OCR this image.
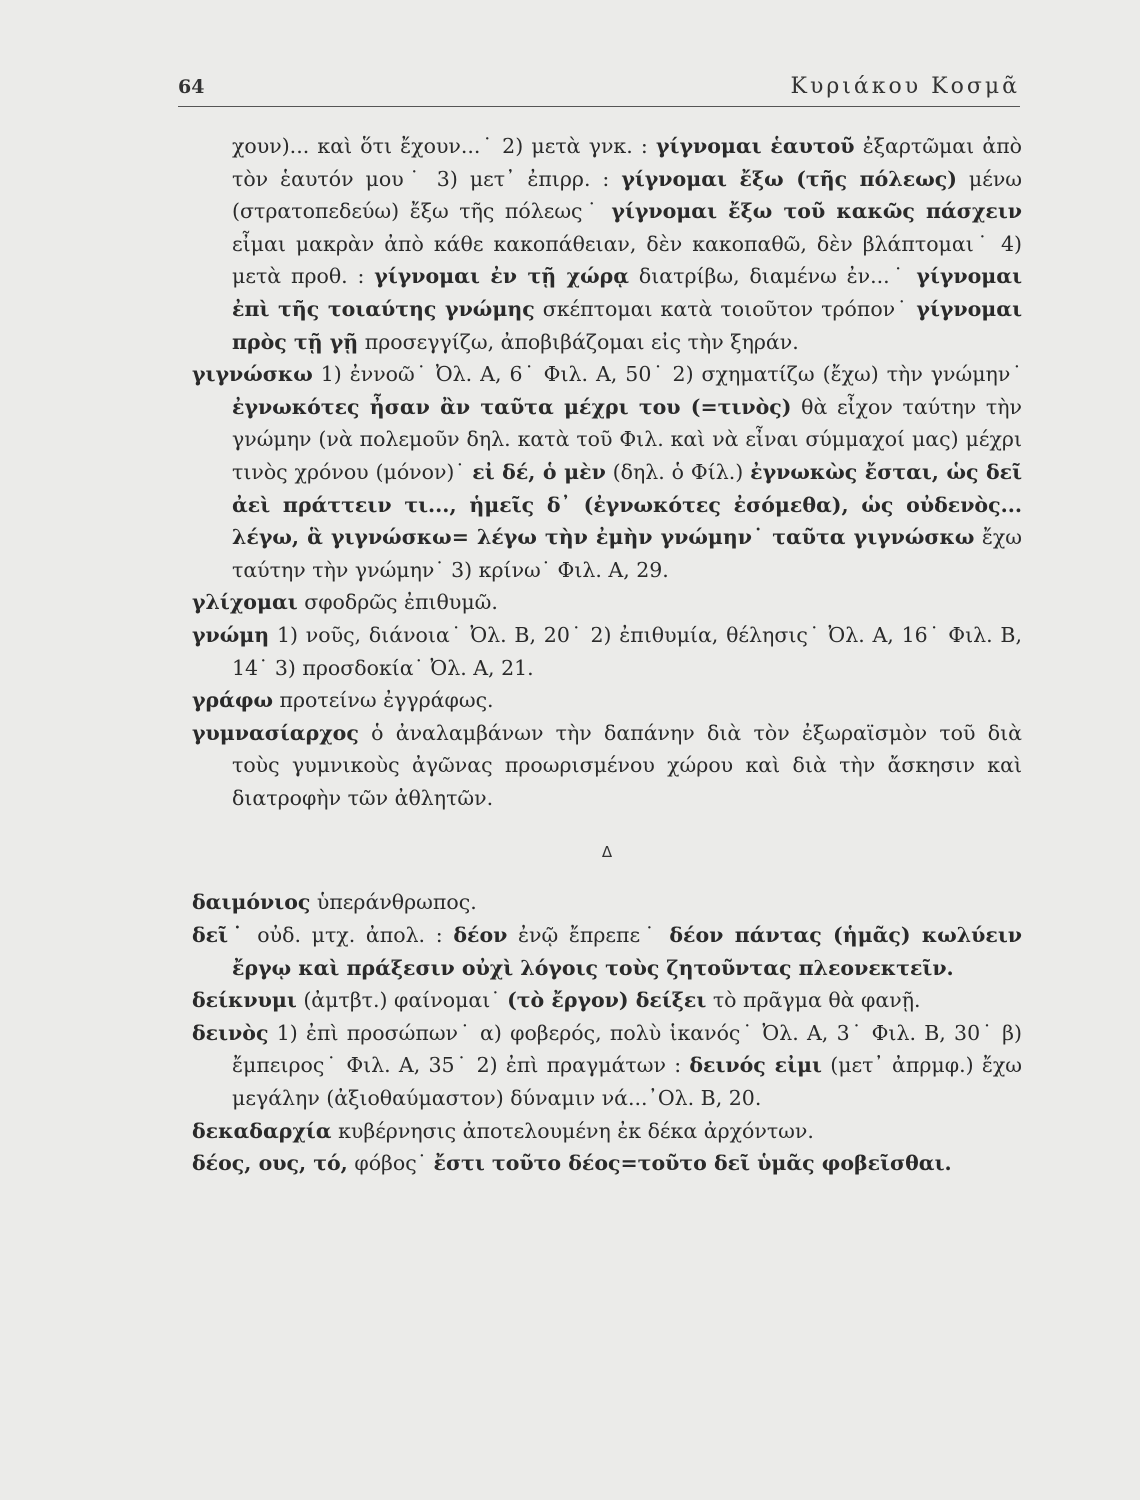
64	Κυριάκου Κοσμᾶ

χουν)... καὶ ὅτι ἔχουν...˙ 2) μετὰ γνκ. : γίγνομαι ἑαυτοῦ ἐξαρτῶμαι ἀπὸ τὸν ἑαυτόν μου˙ 3) μετ᾽ ἐπιρρ. : γίγνομαι ἔξω (τῆς πόλεως) μένω (στρατοπεδεύω) ἔξω τῆς πόλεως˙ γίγνομαι ἔξω τοῦ κακῶς πάσχειν εἶμαι μακρὰν ἀπὸ κάθε κακοπάθειαν, δὲν κακοπαθῶ, δὲν βλάπτομαι˙ 4) μετὰ προθ. : γίγνομαι ἐν τῇ χώρᾳ διατρίβω, διαμένω ἐν...˙ γίγνομαι ἐπὶ τῆς τοιαύτης γνώμης σκέπτομαι κατὰ τοιοῦτον τρόπον˙ γίγνομαι πρὸς τῇ γῇ προσεγγίζω, ἀποβιβάζομαι εἰς τὴν ξηράν.

γιγνώσκω 1) ἐννοῶ˙ Ὀλ. Α, 6˙ Φιλ. Α, 50˙ 2) σχηματίζω (ἔχω) τὴν γνώμην˙ ἐγνωκότες ἦσαν ἂν ταῦτα μέχρι του (=τινὸς) θὰ εἶχον ταύτην τὴν γνώμην (νὰ πολεμοῦν δηλ. κατὰ τοῦ Φιλ. καὶ νὰ εἶναι σύμμαχοί μας) μέχρι τινὸς χρόνου (μόνον)˙ εἰ δέ, ὁ μὲν (δηλ. ὁ Φίλ.) ἐγνωκὼς ἔσται, ὡς δεῖ ἀεὶ πράττειν τι..., ἡμεῖς δ᾽ (ἐγνωκότες ἐσόμεθα), ὡς οὐδενὸς... λέγω, ἃ γιγνώσκω= λέγω τὴν ἐμὴν γνώμην˙ ταῦτα γιγνώσκω ἔχω ταύτην τὴν γνώμην˙ 3) κρίνω˙ Φιλ. Α, 29.

γλίχομαι σφοδρῶς ἐπιθυμῶ.

γνώμη 1) νοῦς, διάνοια˙ Ὀλ. Β, 20˙ 2) ἐπιθυμία, θέλησις˙ Ὀλ. Α, 16˙ Φιλ. Β, 14˙ 3) προσδοκία˙ Ὀλ. Α, 21.

γράφω προτείνω ἐγγράφως.

γυμνασίαρχος ὁ ἀναλαμβάνων τὴν δαπάνην διὰ τὸν ἐξωραϊσμὸν τοῦ διὰ τοὺς γυμνικοὺς ἀγῶνας προωρισμένου χώρου καὶ διὰ τὴν ἄσκησιν καὶ διατροφὴν τῶν ἀθλητῶν.

Δ

δαιμόνιος ὑπεράνθρωπος.

δεῖ˙ οὐδ. μτχ. ἀπολ. : δέον ἐνῷ ἔπρεπε˙ δέον πάντας (ἡμᾶς) κωλύειν ἔργῳ καὶ πράξεσιν οὐχὶ λόγοις τοὺς ζητοῦντας πλεονεκτεῖν.

δείκνυμι (ἀμτβτ.) φαίνομαι˙ (τὸ ἔργον) δείξει τὸ πρᾶγμα θὰ φανῇ.

δεινὸς 1) ἐπὶ προσώπων˙ α) φοβερός, πολὺ ἱκανός˙ Ὀλ. Α, 3˙ Φιλ. Β, 30˙ β) ἔμπειρος˙ Φιλ. Α, 35˙ 2) ἐπὶ πραγμάτων : δεινός εἰμι (μετ᾽ ἀπρμφ.) ἔχω μεγάλην (ἀξιοθαύμαστον) δύναμιν νά...᾽Ολ. Β, 20.

δεκαδαρχία κυβέρνησις ἀποτελουμένη ἐκ δέκα ἀρχόντων.

δέος, ους, τό, φόβος˙ ἔστι τοῦτο δέος=τοῦτο δεῖ ὑμᾶς φοβεῖσθαι.
